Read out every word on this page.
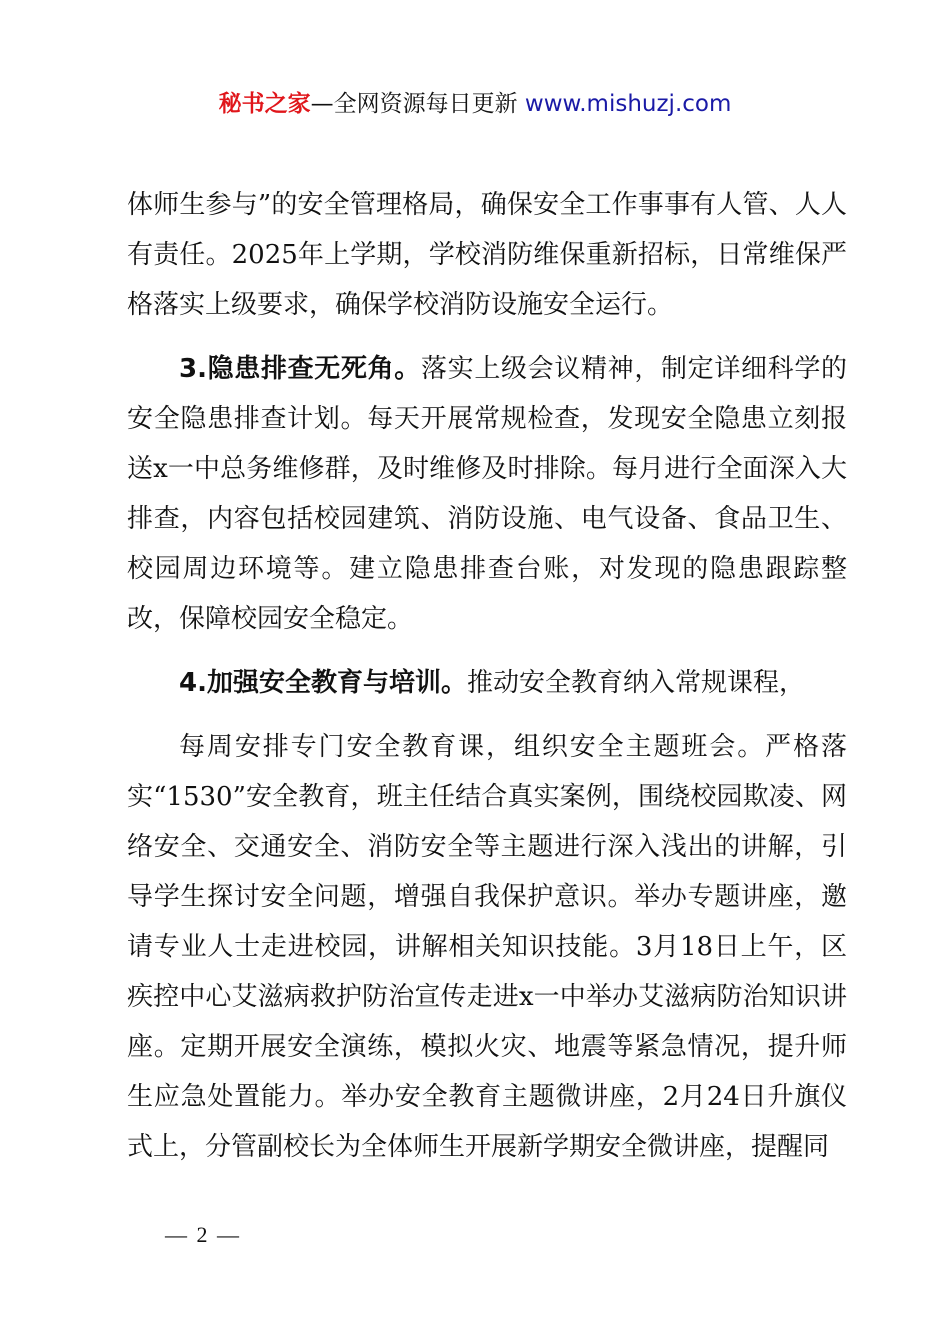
秘书之家—全网资源每日更新 www.mishuzj.com

体师生参与”的安全管理格局，确保安全工作事事有人管、人人有责任。2025年上学期，学校消防维保重新招标，日常维保严格落实上级要求，确保学校消防设施安全运行。

3.隐患排查无死角。落实上级会议精神，制定详细科学的安全隐患排查计划。每天开展常规检查，发现安全隐患立刻报送x一中总务维修群，及时维修及时排除。每月进行全面深入大排查，内容包括校园建筑、消防设施、电气设备、食品卫生、校园周边环境等。建立隐患排查台账，对发现的隐患跟踪整改，保障校园安全稳定。

4.加强安全教育与培训。推动安全教育纳入常规课程，

每周安排专门安全教育课，组织安全主题班会。严格落实“1530”安全教育，班主任结合真实案例，围绕校园欺凌、网络安全、交通安全、消防安全等主题进行深入浅出的讲解，引导学生探讨安全问题，增强自我保护意识。举办专题讲座，邀请专业人士走进校园，讲解相关知识技能。3月18日上午，区疾控中心艾滋病救护防治宣传走进x一中举办艾滋病防治知识讲座。定期开展安全演练，模拟火灾、地震等紧急情况，提升师生应急处置能力。举办安全教育主题微讲座，2月24日升旗仪式上，分管副校长为全体师生开展新学期安全微讲座，提醒同

— 2 —
